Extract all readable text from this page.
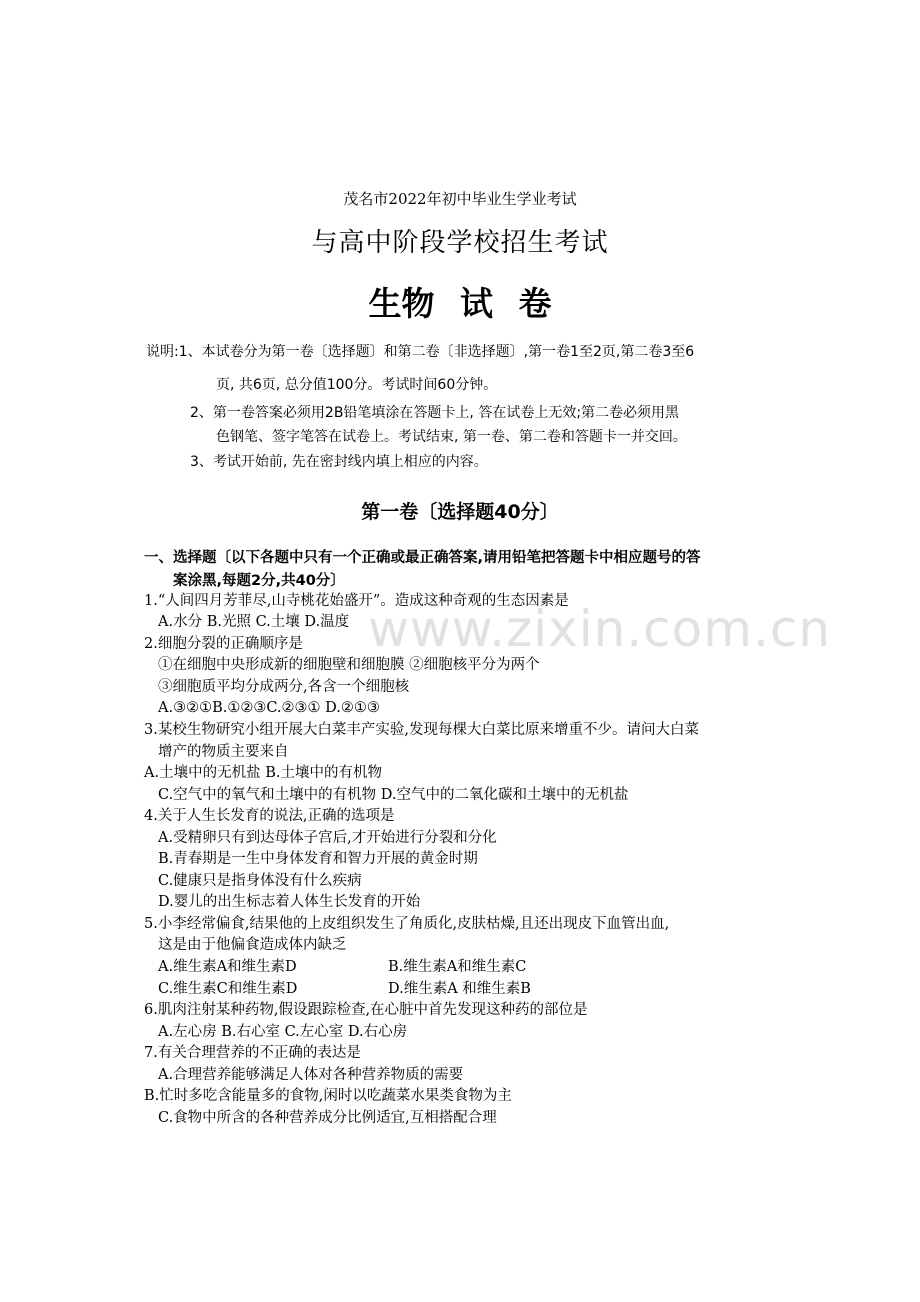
www.zixin.com.cn
茂名市2022年初中毕业生学业考试
与高中阶段学校招生考试
生物 试 卷
说明:1、本试卷分为第一卷〔选择题〕和第二卷〔非选择题〕,第一卷1至2页,第二卷3至6
页, 共6页, 总分值100分。考试时间60分钟。
2、第一卷答案必须用2B铅笔填涂在答题卡上, 答在试卷上无效;第二卷必须用黑
色钢笔、签字笔答在试卷上。考试结束, 第一卷、第二卷和答题卡一并交回。
3、考试开始前, 先在密封线内填上相应的内容。
第一卷〔选择题40分〕
一、选择题〔以下各题中只有一个正确或最正确答案,请用铅笔把答题卡中相应题号的答
案涂黑,每题2分,共40分〕
1.“人间四月芳菲尽,山寺桃花始盛开”。造成这种奇观的生态因素是
A.水分 B.光照 C.土壤 D.温度
2.细胞分裂的正确顺序是
①在细胞中央形成新的细胞壁和细胞膜 ②细胞核平分为两个
③细胞质平均分成两分,各含一个细胞核
A.③②①B.①②③C.②③① D.②①③
3.某校生物研究小组开展大白菜丰产实验,发现每棵大白菜比原来增重不少。请问大白菜
增产的物质主要来自
A.土壤中的无机盐 B.土壤中的有机物
C.空气中的氧气和土壤中的有机物 D.空气中的二氧化碳和土壤中的无机盐
4.关于人生长发育的说法,正确的选项是
A.受精卵只有到达母体子宫后,才开始进行分裂和分化
B.青春期是一生中身体发育和智力开展的黄金时期
C.健康只是指身体没有什么疾病
D.婴儿的出生标志着人体生长发育的开始
5.小李经常偏食,结果他的上皮组织发生了角质化,皮肤枯燥,且还出现皮下血管出血,
这是由于他偏食造成体内缺乏
A.维生素A和维生素D	B.维生素A和维生素C
C.维生素C和维生素D	D.维生素A 和维生素B
6.肌肉注射某种药物,假设跟踪检查,在心脏中首先发现这种药的部位是
A.左心房 B.右心室 C.左心室 D.右心房
7.有关合理营养的不正确的表达是
A.合理营养能够满足人体对各种营养物质的需要
B.忙时多吃含能量多的食物,闲时以吃蔬菜水果类食物为主
C.食物中所含的各种营养成分比例适宜,互相搭配合理
